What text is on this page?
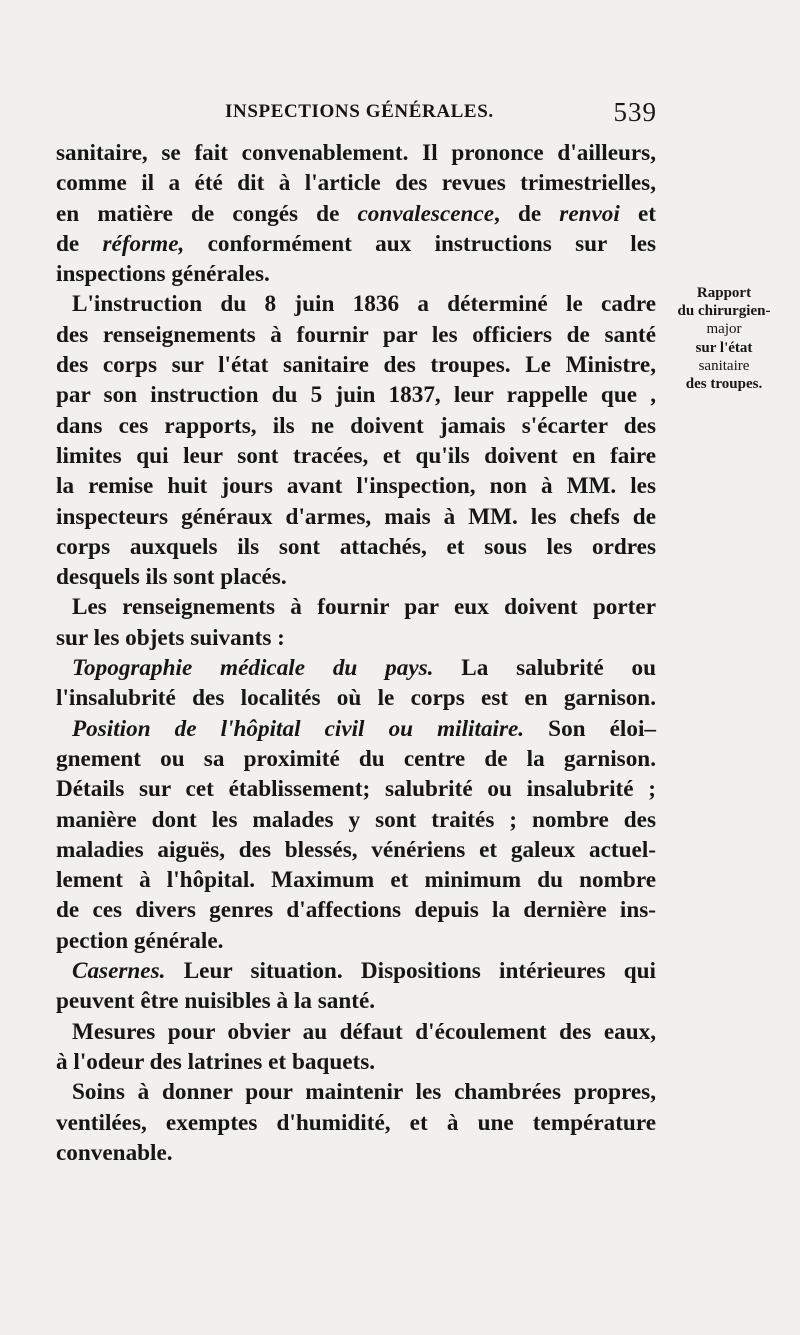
INSPECTIONS GÉNÉRALES.	539
sanitaire, se fait convenablement. Il prononce d'ailleurs,
comme il a été dit à l'article des revues trimestrielles,
en matière de congés de convalescence, de renvoi et
de réforme, conformément aux instructions sur les
inspections générales.
L'instruction du 8 juin 1836 a déterminé le cadre
des renseignements à fournir par les officiers de santé
des corps sur l'état sanitaire des troupes. Le Ministre,
par son instruction du 5 juin 1837, leur rappelle que ,
dans ces rapports, ils ne doivent jamais s'écarter des
limites qui leur sont tracées, et qu'ils doivent en faire
la remise huit jours avant l'inspection, non à MM. les
inspecteurs généraux d'armes, mais à MM. les chefs de
corps auxquels ils sont attachés, et sous les ordres
desquels ils sont placés.
Les renseignements à fournir par eux doivent porter
sur les objets suivants :
Topographie médicale du pays. La salubrité ou
l'insalubrité des localités où le corps est en garnison.
Position de l'hôpital civil ou militaire. Son éloi–
gnement ou sa proximité du centre de la garnison.
Détails sur cet établissement; salubrité ou insalubrité ;
manière dont les malades y sont traités ; nombre des
maladies aiguës, des blessés, vénériens et galeux actuel-
lement à l'hôpital. Maximum et minimum du nombre
de ces divers genres d'affections depuis la dernière ins-
pection générale.
Casernes. Leur situation. Dispositions intérieures qui
peuvent être nuisibles à la santé.
Mesures pour obvier au défaut d'écoulement des eaux,
à l'odeur des latrines et baquets.
Soins à donner pour maintenir les chambrées propres,
ventilées, exemptes d'humidité, et à une température
convenable.
Rapport
du chirurgien-
major
sur l'état
sanitaire
des troupes.
